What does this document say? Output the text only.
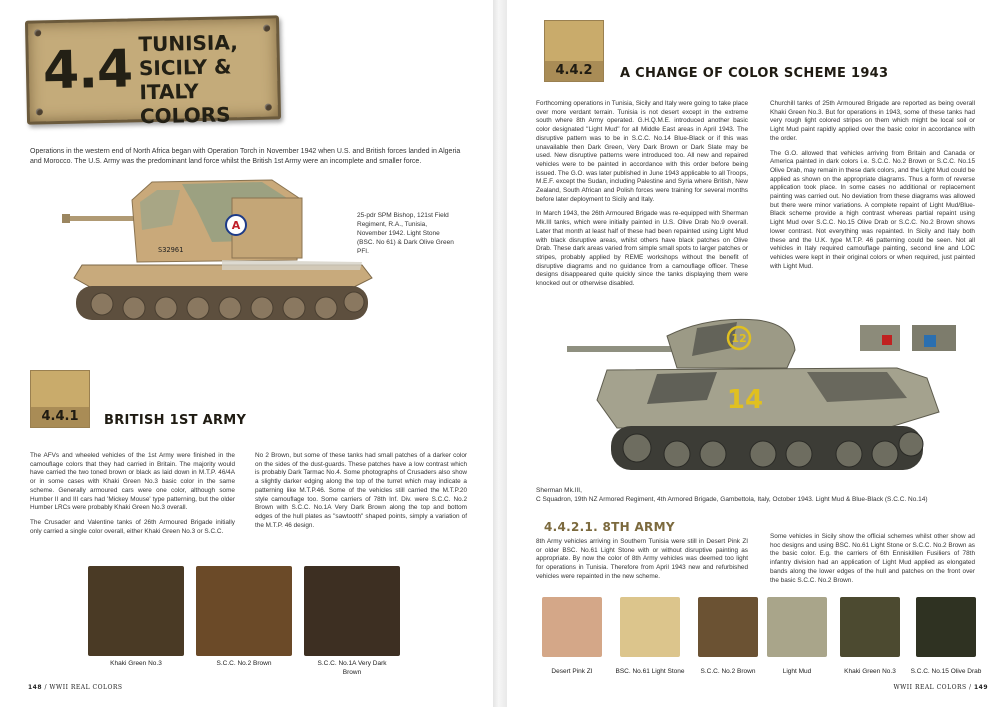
4.4 TUNISIA, SICILY & ITALY COLORS
Operations in the western end of North Africa began with Operation Torch in November 1942 when U.S. and British forces landed in Algeria and Morocco. The U.S. Army was the predominant land force whilst the British 1st Army were an incomplete and smaller force.
A
S32961
25-pdr SPM Bishop, 121st Field Regiment, R.A., Tunisia, November 1942. Light Stone (BSC. No 61) & Dark Olive Green PFI.
4.4.1	BRITISH 1ST ARMY

The AFVs and wheeled vehicles of the 1st Army were finished in the camouflage colors that they had carried in Britain. The majority would have carried the two toned brown or black as laid down in M.T.P. 46/4A or in some cases with Khaki Green No.3 basic color in the same scheme. Generally armoured cars were one color, although some Humber II and III cars had 'Mickey Mouse' type patterning, but the older Humber LRCs were probably Khaki Green No.3 overall.

The Crusader and Valentine tanks of 26th Armoured Brigade initially only carried a single color overall, either Khaki Green No.3 or S.C.C.

No 2 Brown, but some of these tanks had small patches of a darker color on the sides of the dust-guards. These patches have a low contrast which is probably Dark Tarmac No.4. Some photographs of Crusaders also show a slightly darker edging along the top of the turret which may indicate a patterning like M.T.P.46. Some of the vehicles still carried the M.T.P.20 style camouflage too. Some carriers of 78th Inf. Div. were S.C.C. No.2 Brown with S.C.C. No.1A Very Dark Brown along the top and bottom edges of the hull plates as "sawtooth" shaped points, simply a variation of the M.T.P. 46 design.

Khaki Green No.3	S.C.C. No.2 Brown	S.C.C. No.1A Very Dark Brown
148 / WWII REAL COLORS
4.4.2	A CHANGE OF COLOR SCHEME 1943

Forthcoming operations in Tunisia, Sicily and Italy were going to take place over more verdant terrain. Tunisia is not desert except in the extreme south where 8th Army operated. G.H.Q.M.E. introduced another basic color designated "Light Mud" for all Middle East areas in April 1943. The disruptive pattern was to be in S.C.C. No.14 Blue-Black or if this was unavailable then Dark Green, Very Dark Brown or Dark Slate may be used. New disruptive patterns were introduced too. All new and repaired vehicles were to be painted in accordance with this order before being issued. The G.O. was later published in June 1943 applicable to all Troops, M.E.F. except the Sudan, including Palestine and Syria where British, New Zealand, South African and Polish forces were training for several months before later deployment to Sicily and Italy.

In March 1943, the 26th Armoured Brigade was re-equipped with Sherman Mk.III tanks, which were initially painted in U.S. Olive Drab No.9 overall. Later that month at least half of these had been repainted using Light Mud with black disruptive areas, whilst others have black patches on Olive Drab. These dark areas varied from simple small spots to larger patches or stripes, probably applied by REME workshops without the benefit of disruptive diagrams and no guidance from a camouflage officer. These designs disappeared quite quickly since the tanks displaying them were knocked out or otherwise disabled.

Churchill tanks of 25th Armoured Brigade are reported as being overall Khaki Green No.3. But for operations in 1943, some of these tanks had very rough light colored stripes on them which might be local soil or Light Mud paint rapidly applied over the basic color in accordance with the order.

The G.O. allowed that vehicles arriving from Britain and Canada or America painted in dark colors i.e. S.C.C. No.2 Brown or S.C.C. No.15 Olive Drab, may remain in these dark colors, and the Light Mud could be applied as shown on the appropriate diagrams. Thus a form of reverse application took place. In some cases no additional or replacement painting was carried out. No deviation from these diagrams was allowed but there were minor variations. A complete repaint of Light Mud/Blue-Black scheme provide a high contrast whereas partial repaint using Light Mud over S.C.C. No.15 Olive Drab or S.C.C. No.2 Brown shows lower contrast. Not everything was repainted. In Sicily and Italy both these and the U.K. type M.T.P. 46 patterning could be seen. Not all vehicles in Italy required camouflage painting, second line and LOC vehicles were kept in their original colors or when required, just painted with Light Mud.

12
14
Sherman Mk.III,
C Squadron, 19th NZ Armored Regiment, 4th Armored Brigade, Gambettola, Italy, October 1943. Light Mud & Blue-Black (S.C.C. No.14)
4.4.2.1. 8TH ARMY
8th Army vehicles arriving in Southern Tunisia were still in Desert Pink ZI or older BSC. No.61 Light Stone with or without disruptive painting as appropriate. By now the color of 8th Army vehicles was deemed too light for operations in Tunisia. Therefore from April 1943 new and refurbished vehicles were repainted in the new scheme.
Some vehicles in Sicily show the official schemes whilst other show ad hoc designs and using BSC. No.61 Light Stone or S.C.C. No.2 Brown as the basic color. E.g. the carriers of 6th Enniskillen Fusiliers of 78th infantry division had an application of Light Mud applied as elongated bands along the lower edges of the hull and patches on the front over the basic S.C.C. No.2 Brown.
Desert Pink ZI	BSC. No.61 Light Stone	S.C.C. No.2 Brown	Light Mud	Khaki Green No.3	S.C.C. No.15 Olive Drab
WWII REAL COLORS / 149
